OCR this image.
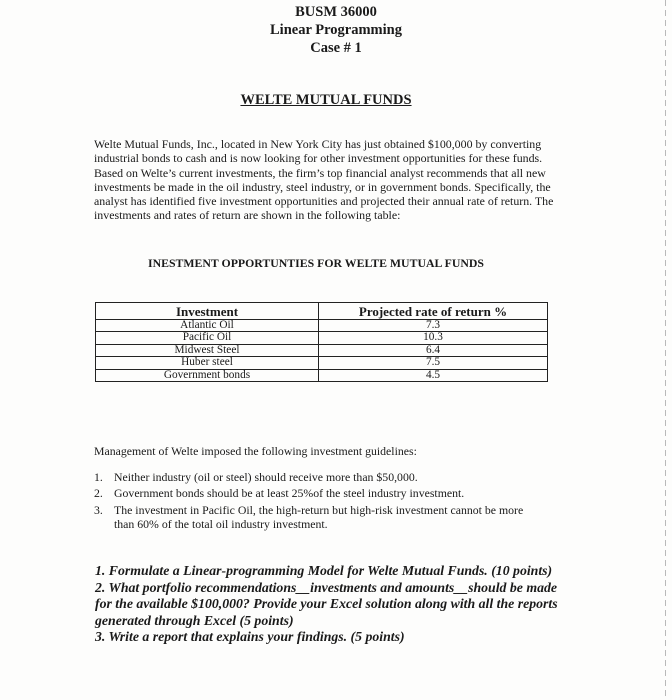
BUSM 36000
Linear Programming
Case # 1
WELTE MUTUAL FUNDS

Welte Mutual Funds, Inc., located in New York City has just obtained $100,000 by converting industrial bonds to cash and is now looking for other investment opportunities for these funds. Based on Welte’s current investments, the firm’s top financial analyst recommends that all new investments be made in the oil industry, steel industry, or in government bonds. Specifically, the analyst has identified five investment opportunities and projected their annual rate of return. The investments and rates of return are shown in the following table:

INESTMENT OPPORTUNTIES FOR WELTE MUTUAL FUNDS
Investment	Projected rate of return %
Atlantic Oil	7.3
Pacific Oil	10.3
Midwest Steel	6.4
Huber steel	7.5
Government bonds	4.5

Management of Welte imposed the following investment guidelines:

1. Neither industry (oil or steel) should receive more than $50,000.
2. Government bonds should be at least 25%of the steel industry investment.
3. The investment in Pacific Oil, the high-return but high-risk investment cannot be more than 60% of the total oil industry investment.

1. Formulate a Linear-programming Model for Welte Mutual Funds. (10 points)

2. What portfolio recommendations__investments and amounts__should be made for the available $100,000? Provide your Excel solution along with all the reports generated through Excel (5 points)

3. Write a report that explains your findings. (5 points)
